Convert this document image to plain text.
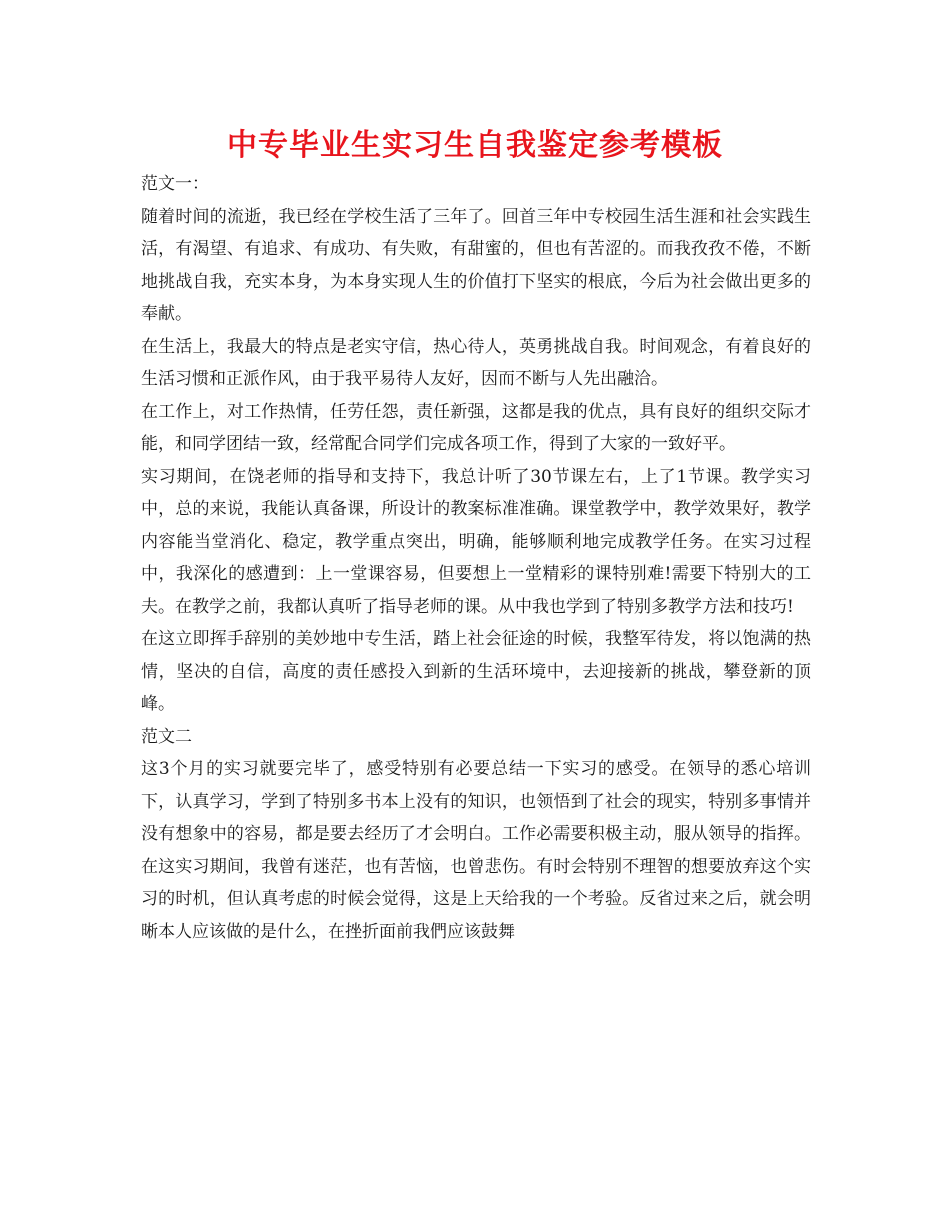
中专毕业生实习生自我鉴定参考模板

范文一：

随着时间的流逝，我已经在学校生活了三年了。回首三年中专校园生活生涯和社会实践生活，有渴望、有追求、有成功、有失败，有甜蜜的，但也有苦涩的。而我孜孜不倦，不断地挑战自我，充实本身，为本身实现人生的价值打下坚实的根底，今后为社会做出更多的奉献。

在生活上，我最大的特点是老实守信，热心待人，英勇挑战自我。时间观念，有着良好的生活习惯和正派作风，由于我平易待人友好，因而不断与人先出融洽。

在工作上，对工作热情，任劳任怨，责任新强，这都是我的优点，具有良好的组织交际才能，和同学团结一致，经常配合同学们完成各项工作，得到了大家的一致好平。

实习期间，在饶老师的指导和支持下，我总计听了30节课左右，上了1节课。教学实习中，总的来说，我能认真备课，所设计的教案标准准确。课堂教学中，教学效果好，教学内容能当堂消化、稳定，教学重点突出，明确，能够顺利地完成教学任务。在实习过程中，我深化的感遭到：上一堂课容易，但要想上一堂精彩的课特别难!需要下特别大的工夫。在教学之前，我都认真听了指导老师的课。从中我也学到了特别多教学方法和技巧!

在这立即挥手辞别的美妙地中专生活，踏上社会征途的时候，我整军待发，将以饱满的热情，坚决的自信，高度的责任感投入到新的生活环境中，去迎接新的挑战，攀登新的顶峰。

范文二

这3个月的实习就要完毕了，感受特别有必要总结一下实习的感受。在领导的悉心培训下，认真学习，学到了特别多书本上没有的知识，也领悟到了社会的现实，特别多事情并没有想象中的容易，都是要去经历了才会明白。工作必需要积极主动，服从领导的指挥。在这实习期间，我曾有迷茫，也有苦恼，也曾悲伤。有时会特别不理智的想要放弃这个实习的时机，但认真考虑的时候会觉得，这是上天给我的一个考验。反省过来之后，就会明晰本人应该做的是什么，在挫折面前我們应该鼓舞
